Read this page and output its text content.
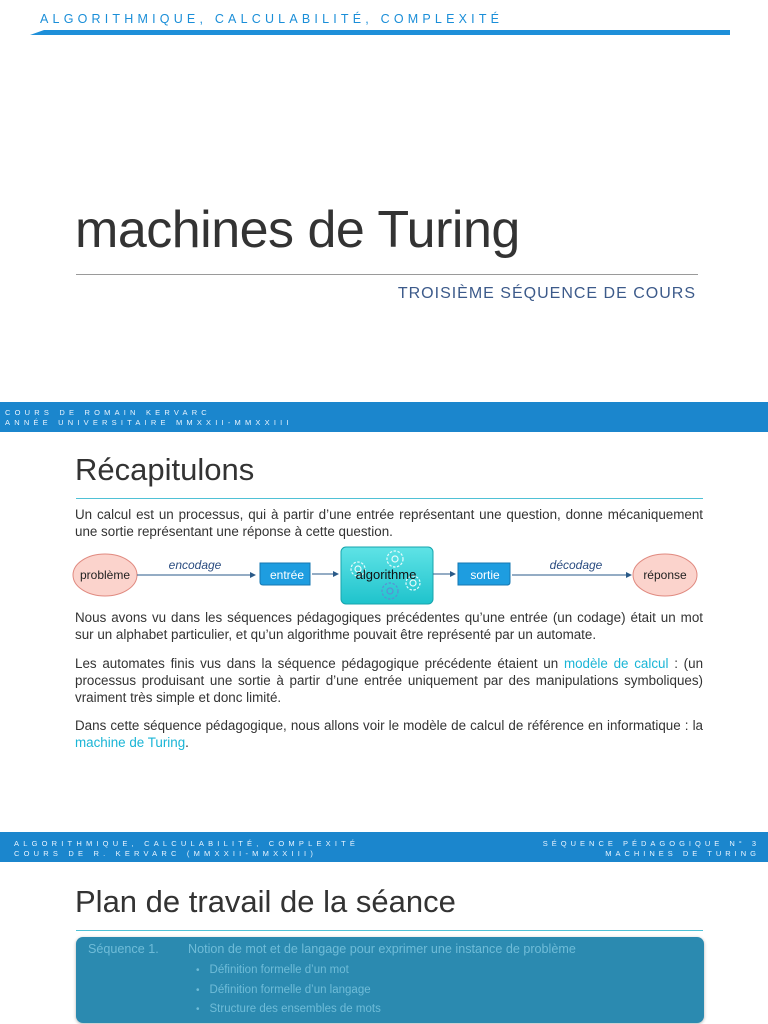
ALGORITHMIQUE, CALCULABILITÉ, COMPLEXITÉ
machines de Turing
TROISIÈME SÉQUENCE DE COURS
COURS DE ROMAIN KERVARC
ANNÉE UNIVERSITAIRE MMXXII-MMXXIII
Récapitulons
Un calcul est un processus, qui à partir d’une entrée représentant une question, donne mécaniquement une sortie représentant une réponse à cette question.
problème
encodage
entrée	algorithme	sortie
décodage
réponse
Nous avons vu dans les séquences pédagogiques précédentes qu’une entrée (un codage) était un mot sur un alphabet particulier, et qu’un algorithme pouvait être représenté par un automate.
Les automates finis vus dans la séquence pédagogique précédente étaient un modèle de calcul : (un processus produisant une sortie à partir d’une entrée uniquement par des manipulations symboliques) vraiment très simple et donc limité.
Dans cette séquence pédagogique, nous allons voir le modèle de calcul de référence en informatique : la machine de Turing.
ALGORITHMIQUE, CALCULABILITÉ, COMPLEXITÉ
COURS DE R. KERVARC (MMXXII-MMXXIII)
SÉQUENCE PÉDAGOGIQUE N° 3
MACHINES DE TURING
Plan de travail de la séance
Séquence 1. Notion de mot et de langage pour exprimer une instance de problème
• Définition formelle d’un mot
• Définition formelle d’un langage
• Structure des ensembles de mots
